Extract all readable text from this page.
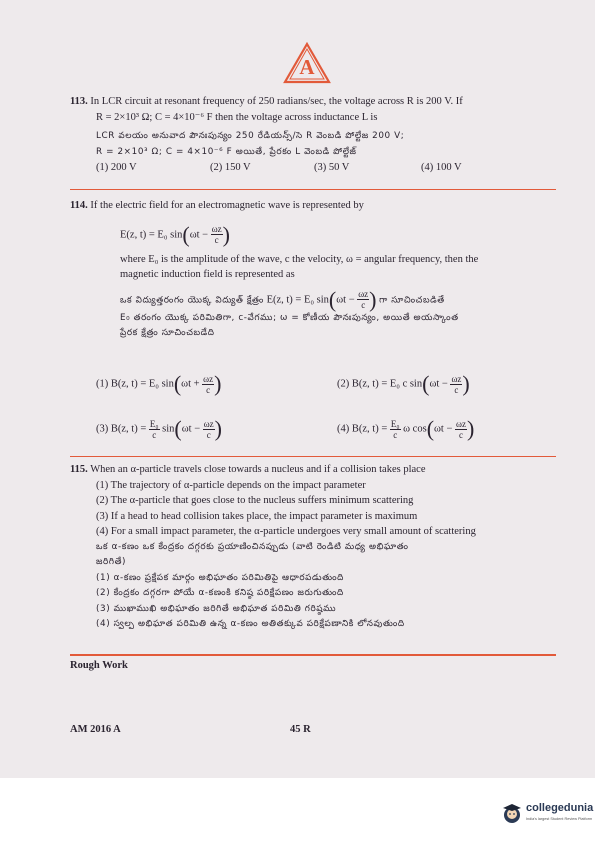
A

113. In LCR circuit at resonant frequency of 250 radians/sec, the voltage across R is 200 V. If

R = 2×10³ Ω; C = 4×10⁻⁶ F then the voltage across inductance L is

LCR వలయం అనువాద పౌనఃపున్యం 250 రేడియన్స్/సె R వెంబడి పోల్టేజ 200 V;

R = 2×10³ Ω; C = 4×10⁻⁶ F అయితే, ప్రేరకం L వెంబడి పోల్టేజ్

(1) 200 V	(2) 150 V	(3) 50 V	(4) 100 V

114. If the electric field for an electromagnetic wave is represented by

E(z, t) = E₀ $\sin(\omega t - \frac{\omega z}{c}$ )

where E₀ is the amplitude of the wave, c the velocity, ω = angular frequency, then the

magnetic induction field is represented as

ఒక విద్యుత్తరంగం యొక్క విద్యుత్ క్షేత్రం E(z, t) = E₀ $\sin(\omega t - \frac{\omega z}{c}$ ) గా సూచించబడితే

E₀ తరంగం యొక్క పరిమితిగా, c-వేగము; ω = కోణీయ పౌనఃపున్యం, అయితే అయస్కాంత

ప్రేరక క్షేత్రం సూచించబడేది

(1) B(z, t) = E₀ $\sin(\omega t + \frac{\omega z}{c}$ )	(2) B(z, t) = E₀ c $\sin(\omega t - \frac{\omega z}{c}$ )
(3) B(z, $t) = \frac{\text{E₀}}{c} \sin(\omega t - \frac{\omega z}{c}$ )	(4) B(z, $t) = \frac{\text{E₀}}{c}$ ω $\cos(\omega t - \frac{\omega z}{c}$ )

115. When an α-particle travels close towards a nucleus and if a collision takes place

(1) The trajectory of α-particle depends on the impact parameter

(2) The α-particle that goes close to the nucleus suffers minimum scattering

(3) If a head to head collision takes place, the impact parameter is maximum

(4) For a small impact parameter, the α-particle undergoes very small amount of scattering

ఒక α-కణం ఒక కేంద్రకం దగ్గరకు ప్రయాణించినప్పుడు (వాటి రెండిటి మధ్య అభిఘాతం

జరిగితే)

(1) α-కణం ప్రక్షేపక మార్గం అభిఘాతం పరిమితిపై ఆధారపడుతుంది

(2) కేంద్రకం దగ్గరగా పోయే α-కణంకి కనిష్ఠ పరిక్షేపణం జరుగుతుంది

(3) ముఖాముఖి అభిఘాతం జరిగితే అభిఘాత పరిమితి గరిష్ఠము

(4) స్వల్ప అభిఘాత పరిమితి ఉన్న α-కణం అతితక్కువ పరిక్షేపణానికి లోనవుతుంది

Rough Work
AM 2016 A	45 R
collegedunia
India's largest Student Review Platform
